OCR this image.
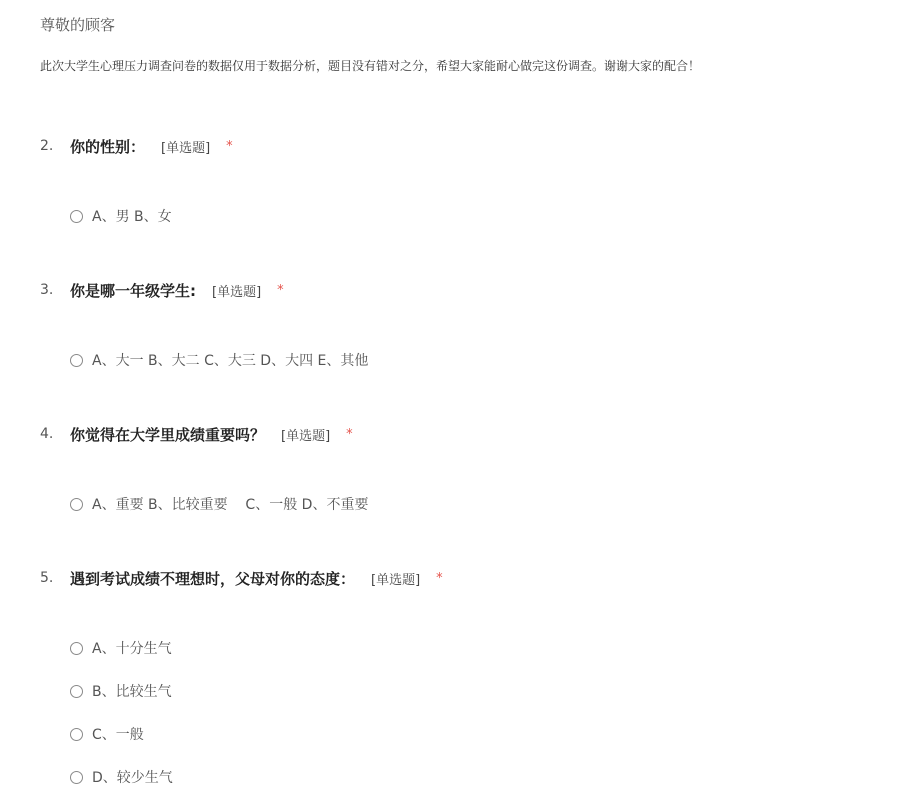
尊敬的顾客
此次大学生心理压力调查问卷的数据仅用于数据分析，题目没有错对之分，希望大家能耐心做完这份调查。谢谢大家的配合！
2.	你的性别： [单选题] *
A、男 B、女
3.	你是哪一年级学生: [单选题] *
A、大一 B、大二 C、大三 D、大四 E、其他
4.	你觉得在大学里成绩重要吗？ [单选题] *
A、重要 B、比较重要    C、一般 D、不重要
5.	遇到考试成绩不理想时，父母对你的态度： [单选题] *
A、十分生气
B、比较生气
C、一般
D、较少生气
